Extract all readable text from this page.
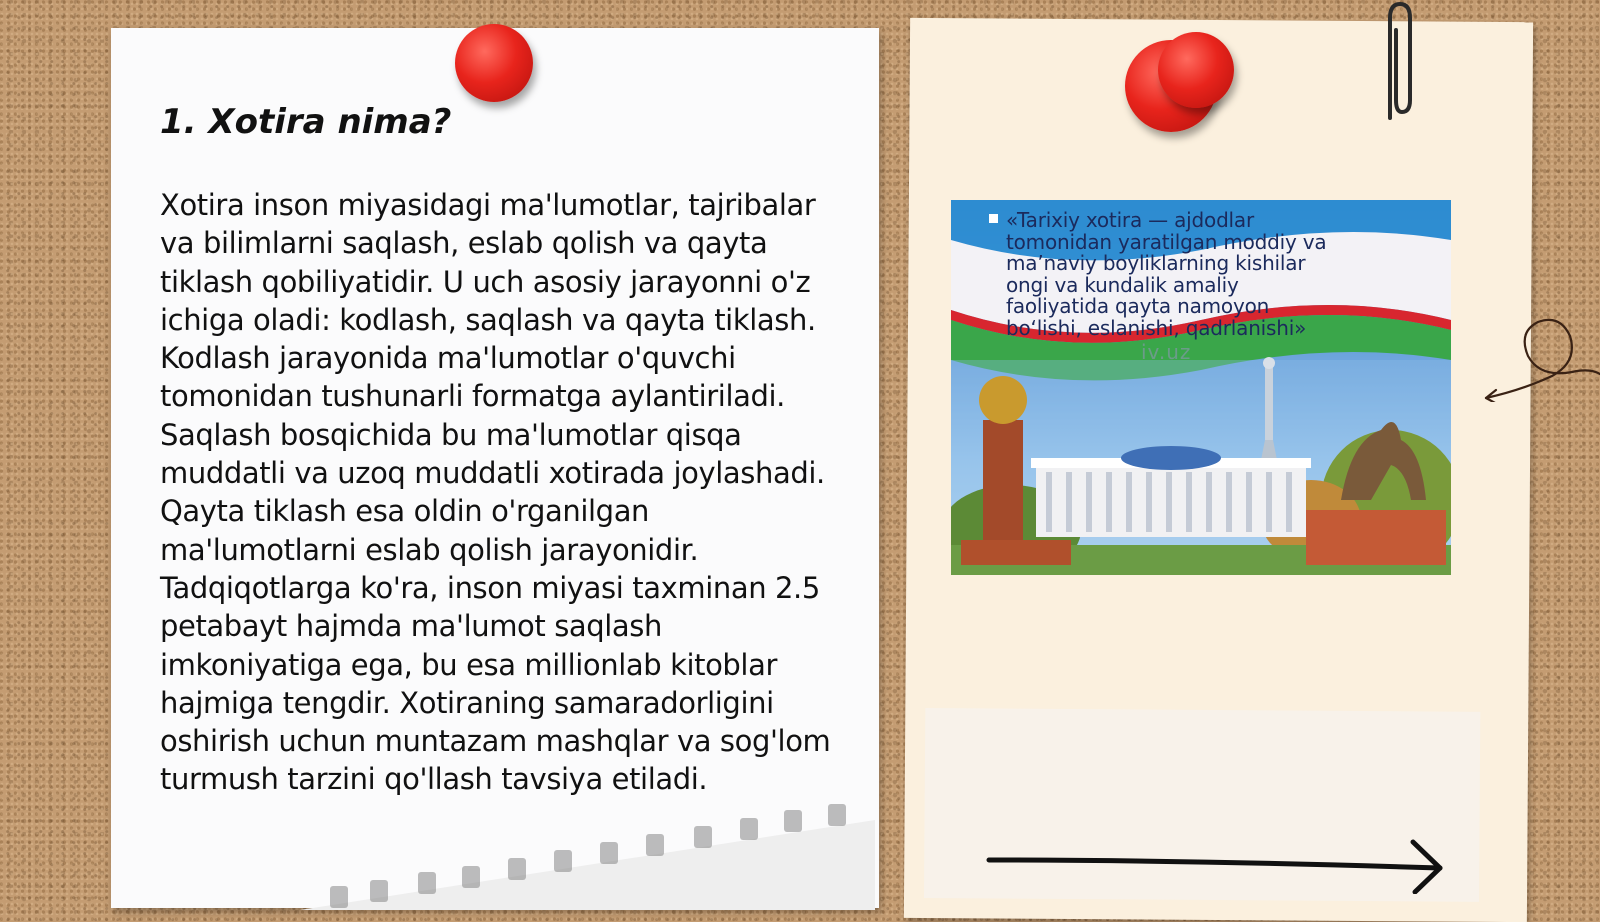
1. Xotira nima?

Xotira inson miyasidagi ma'lumotlar, tajribalar va bilimlarni saqlash, eslab qolish va qayta tiklash qobiliyatidir. U uch asosiy jarayonni o'z ichiga oladi: kodlash, saqlash va qayta tiklash. Kodlash jarayonida ma'lumotlar o'quvchi tomonidan tushunarli formatga aylantiriladi. Saqlash bosqichida bu ma'lumotlar qisqa muddatli va uzoq muddatli xotirada joylashadi. Qayta tiklash esa oldin o'rganilgan ma'lumotlarni eslab qolish jarayonidir. Tadqiqotlarga ko'ra, inson miyasi taxminan 2.5 petabayt hajmda ma'lumot saqlash imkoniyatiga ega, bu esa millionlab kitoblar hajmiga tengdir. Xotiraning samaradorligini oshirish uchun muntazam mashqlar va sog'lom turmush tarzini qo'llash tavsiya etiladi.

«Tarixiy xotira — ajdodlar tomonidan yaratilgan moddiy va ma’naviy boyliklarning kishilar ongi va kundalik amaliy faoliyatida qayta namoyon bo‘lishi, eslanishi, qadrlanishi»

iv.uz
